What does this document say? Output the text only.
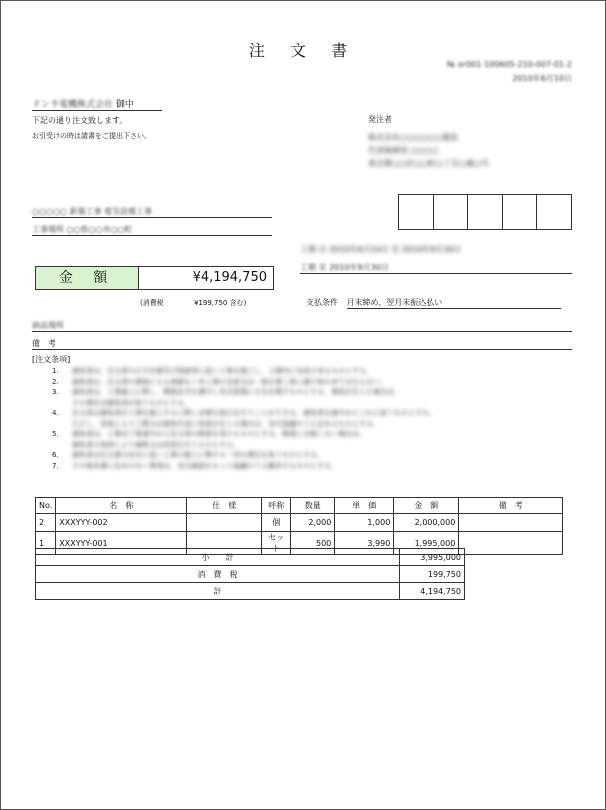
注 文 書
№ or001-100605-210-007-01-2
2010年6月10日
ドンラ電機株式会社 御中
下記の通り注文致します。
お引受けの時は請書をご提出下さい。
発注者
株式会社○○○○○○建設
代表取締役 ○○○○
東京都○○区○○町○丁目○番○号
○○○○○ 新築工事 電気設備工事
工事場所 ○○県○○市○○町
工期 自 2010年6月10日 至 2010年9月30日
工期 至 2010年9月30日
金 額	¥4,194,750
(消費税	¥199,750 含む)	支払条件 月末締め、翌月末振込払い
納品場所
備　考
[注文条項]
1. 請負者は、注文者の示す仕様及び図面等に従い工事を施工し、工期内に完成させるものとする。
2. 請負者は、注文者の書面による承諾なく本工事の全部又は一部を第三者に請け負わせてはならない。
3. 請負者は、工事施工に際し、関係法令を遵守し安全管理に万全を期すものとする。事故が生じた場合は、
その責任は請負者が負うものとする。
4. 注文者は請負者が工事を施工するに際し必要な指示を行うことができる。請負者は速やかにこれに従うものとする。
ただし、変更により工期又は請負代金に変更が生じる場合は、双方協議のうえ定めるものとする。
5. 請負者は、工事完了後速やかに注文者の検査を受けるものとする。検査に合格しない場合は、
請負者の負担により補修又は改造を行うものとする。
6. 請負者は注文書の定めに従い工事の施工に関する一切の責任を負うものとする。
7. その他本書に定めのない事項は、双方誠意をもって協議のうえ解決するものとする。
No.	名　称	仕　様	呼称	数量	単　価	金　額	備　考
2	XXXYYY-002		個	2,000	1,000	2,000,000	
1	XXXYYY-001		セット	500	3,990	1,995,000	
小　　計	3,995,000
消　費　税	199,750
計	4,194,750
